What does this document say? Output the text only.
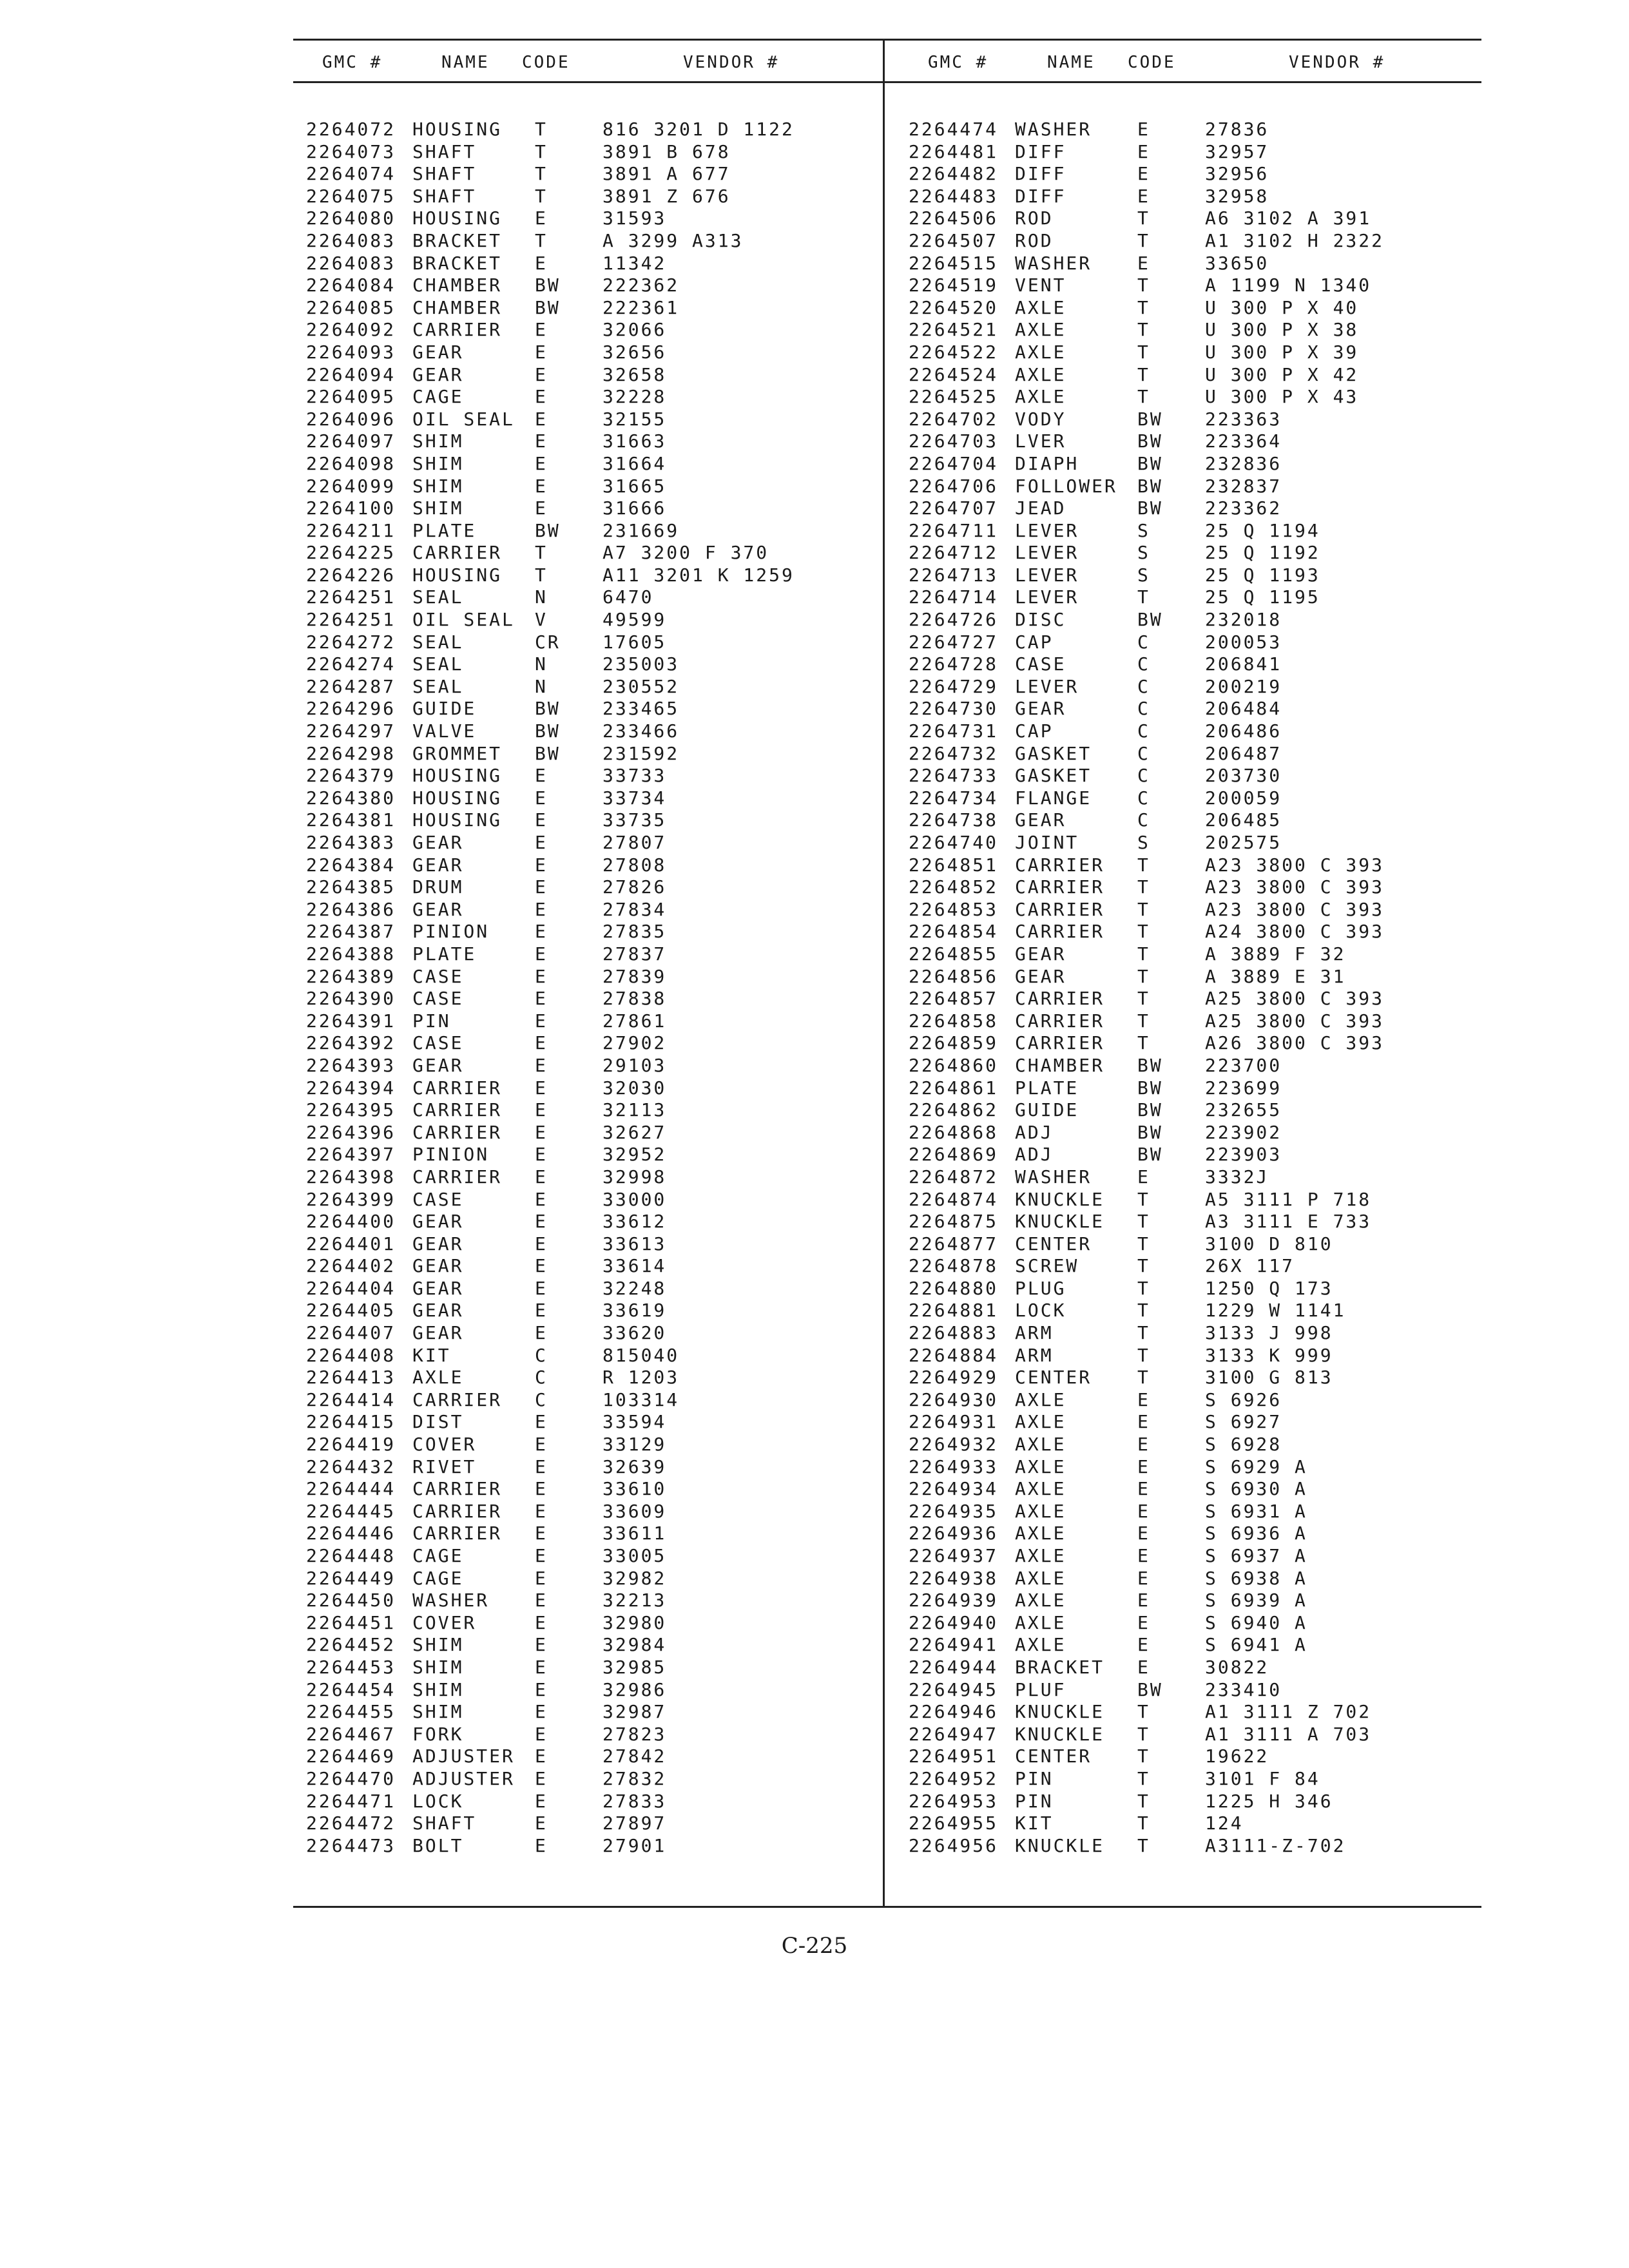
GMC #	NAME CODE	VENDOR #	GMC #	NAME CODE	VENDOR #
2264072 HOUSING T	816 3201 D 1122
2264073 SHAFT	T	3891 B 678
2264074 SHAFT	T	3891 A 677
2264075 SHAFT	T	3891 Z 676
2264080 HOUSING E	31593
2264083 BRACKET T	A 3299 A313
2264083 BRACKET E	11342
2264084 CHAMBER BW 222362
2264085 CHAMBER BW 222361
2264092 CARRIER E	32066
2264093 GEAR	E	32656
2264094 GEAR	E	32658
2264095 CAGE	E	32228
2264096 OIL SEAL E	32155
2264097 SHIM	E	31663
2264098 SHIM	E	31664
2264099 SHIM	E	31665
2264100 SHIM	E	31666
2264211 PLATE	BW 231669
2264225 CARRIER T	A7 3200 F 370
2264226 HOUSING T	A11 3201 K 1259
2264251 SEAL	N	6470
2264251 OIL SEAL V	49599
2264272 SEAL	CR 17605
2264274 SEAL	N	235003
2264287 SEAL	N	230552
2264296 GUIDE	BW 233465
2264297 VALVE	BW 233466
2264298 GROMMET BW 231592
2264379 HOUSING E	33733
2264380 HOUSING E	33734
2264381 HOUSING E	33735
2264383 GEAR	E	27807
2264384 GEAR	E	27808
2264385 DRUM	E	27826
2264386 GEAR	E	27834
2264387 PINION	E	27835
2264388 PLATE	E	27837
2264389 CASE	E	27839
2264390 CASE	E	27838
2264391 PIN	E	27861
2264392 CASE	E	27902
2264393 GEAR	E	29103
2264394 CARRIER E	32030
2264395 CARRIER E	32113
2264396 CARRIER E	32627
2264397 PINION	E	32952
2264398 CARRIER E	32998
2264399 CASE	E	33000
2264400 GEAR	E	33612
2264401 GEAR	E	33613
2264402 GEAR	E	33614
2264404 GEAR	E	32248
2264405 GEAR	E	33619
2264407 GEAR	E	33620
2264408 KIT	C	815040
2264413 AXLE	C	R 1203
2264414 CARRIER C	103314
2264415 DIST	E	33594
2264419 COVER	E	33129
2264432 RIVET	E	32639
2264444 CARRIER E	33610
2264445 CARRIER E	33609
2264446 CARRIER E	33611
2264448 CAGE	E	33005
2264449 CAGE	E	32982
2264450 WASHER	E	32213
2264451 COVER	E	32980
2264452 SHIM	E	32984
2264453 SHIM	E	32985
2264454 SHIM	E	32986
2264455 SHIM	E	32987
2264467 FORK	E	27823
2264469 ADJUSTER E	27842
2264470 ADJUSTER E	27832
2264471 LOCK	E	27833
2264472 SHAFT	E	27897
2264473 BOLT	E	27901
2264474 WASHER	E	27836
2264481 DIFF	E	32957
2264482 DIFF	E	32956
2264483 DIFF	E	32958
2264506 ROD	T	A6 3102 A 391
2264507 ROD	T	A1 3102 H 2322
2264515 WASHER	E	33650
2264519 VENT	T	A 1199 N 1340
2264520 AXLE	T	U 300 P X 40
2264521 AXLE	T	U 300 P X 38
2264522 AXLE	T	U 300 P X 39
2264524 AXLE	T	U 300 P X 42
2264525 AXLE	T	U 300 P X 43
2264702 VODY	BW 223363
2264703 LVER	BW 223364
2264704 DIAPH	BW 232836
2264706 FOLLOWER BW 232837
2264707 JEAD	BW 223362
2264711 LEVER	S	25 Q 1194
2264712 LEVER	S	25 Q 1192
2264713 LEVER	S	25 Q 1193
2264714 LEVER	T	25 Q 1195
2264726 DISC	BW 232018
2264727 CAP	C	200053
2264728 CASE	C	206841
2264729 LEVER	C	200219
2264730 GEAR	C	206484
2264731 CAP	C	206486
2264732 GASKET	C	206487
2264733 GASKET	C	203730
2264734 FLANGE	C	200059
2264738 GEAR	C	206485
2264740 JOINT	S	202575
2264851 CARRIER T	A23 3800 C 393
2264852 CARRIER T	A23 3800 C 393
2264853 CARRIER T	A23 3800 C 393
2264854 CARRIER T	A24 3800 C 393
2264855 GEAR	T	A 3889 F 32
2264856 GEAR	T	A 3889 E 31
2264857 CARRIER T	A25 3800 C 393
2264858 CARRIER T	A25 3800 C 393
2264859 CARRIER T	A26 3800 C 393
2264860 CHAMBER BW 223700
2264861 PLATE	BW 223699
2264862 GUIDE	BW 232655
2264868 ADJ	BW 223902
2264869 ADJ	BW 223903
2264872 WASHER	E	3332J
2264874 KNUCKLE T	A5 3111 P 718
2264875 KNUCKLE T	A3 3111 E 733
2264877 CENTER	T	3100 D 810
2264878 SCREW	T	26X 117
2264880 PLUG	T	1250 Q 173
2264881 LOCK	T	1229 W 1141
2264883 ARM	T	3133 J 998
2264884 ARM	T	3133 K 999
2264929 CENTER	T	3100 G 813
2264930 AXLE	E	S 6926
2264931 AXLE	E	S 6927
2264932 AXLE	E	S 6928
2264933 AXLE	E	S 6929 A
2264934 AXLE	E	S 6930 A
2264935 AXLE	E	S 6931 A
2264936 AXLE	E	S 6936 A
2264937 AXLE	E	S 6937 A
2264938 AXLE	E	S 6938 A
2264939 AXLE	E	S 6939 A
2264940 AXLE	E	S 6940 A
2264941 AXLE	E	S 6941 A
2264944 BRACKET E	30822
2264945 PLUF	BW 233410
2264946 KNUCKLE T	A1 3111 Z 702
2264947 KNUCKLE T	A1 3111 A 703
2264951 CENTER	T	19622
2264952 PIN	T	3101 F 84
2264953 PIN	T	1225 H 346
2264955 KIT	T	124
2264956 KNUCKLE T	A3111-Z-702
C-225
